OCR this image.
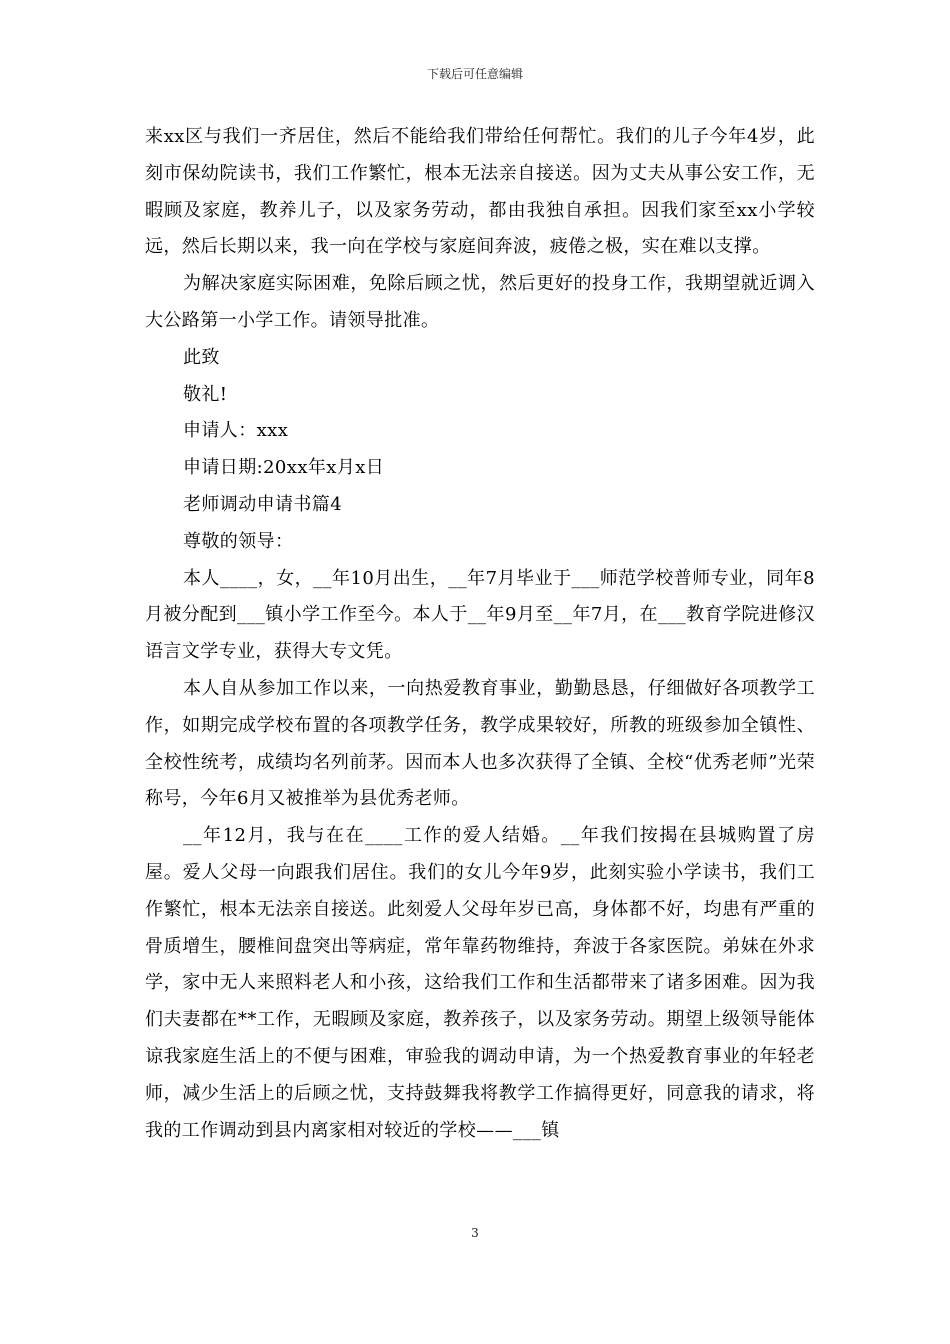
下载后可任意编辑

来xx区与我们一齐居住，然后不能给我们带给任何帮忙。我们的儿子今年4岁，此刻市保幼院读书，我们工作繁忙，根本无法亲自接送。因为丈夫从事公安工作，无暇顾及家庭，教养儿子，以及家务劳动，都由我独自承担。因我们家至xx小学较远，然后长期以来，我一向在学校与家庭间奔波，疲倦之极，实在难以支撑。

为解决家庭实际困难，免除后顾之忧，然后更好的投身工作，我期望就近调入大公路第一小学工作。请领导批准。

此致

敬礼!

申请人：xxx

申请日期:20xx年x月x日

老师调动申请书篇4

尊敬的领导：

本人____，女，__年10月出生，__年7月毕业于___师范学校普师专业，同年8月被分配到___镇小学工作至今。本人于__年9月至__年7月，在___教育学院进修汉语言文学专业，获得大专文凭。

本人自从参加工作以来，一向热爱教育事业，勤勤恳恳，仔细做好各项教学工作，如期完成学校布置的各项教学任务，教学成果较好，所教的班级参加全镇性、全校性统考，成绩均名列前茅。因而本人也多次获得了全镇、全校“优秀老师”光荣称号，今年6月又被推举为县优秀老师。

__年12月，我与在在____工作的爱人结婚。__年我们按揭在县城购置了房屋。爱人父母一向跟我们居住。我们的女儿今年9岁，此刻实验小学读书，我们工作繁忙，根本无法亲自接送。此刻爱人父母年岁已高，身体都不好，均患有严重的骨质增生，腰椎间盘突出等病症，常年靠药物维持，奔波于各家医院。弟妹在外求学，家中无人来照料老人和小孩，这给我们工作和生活都带来了诸多困难。因为我们夫妻都在**工作，无暇顾及家庭，教养孩子，以及家务劳动。期望上级领导能体谅我家庭生活上的不便与困难，审验我的调动申请，为一个热爱教育事业的年轻老师，减少生活上的后顾之忧，支持鼓舞我将教学工作搞得更好，同意我的请求，将我的工作调动到县内离家相对较近的学校——___镇

3
